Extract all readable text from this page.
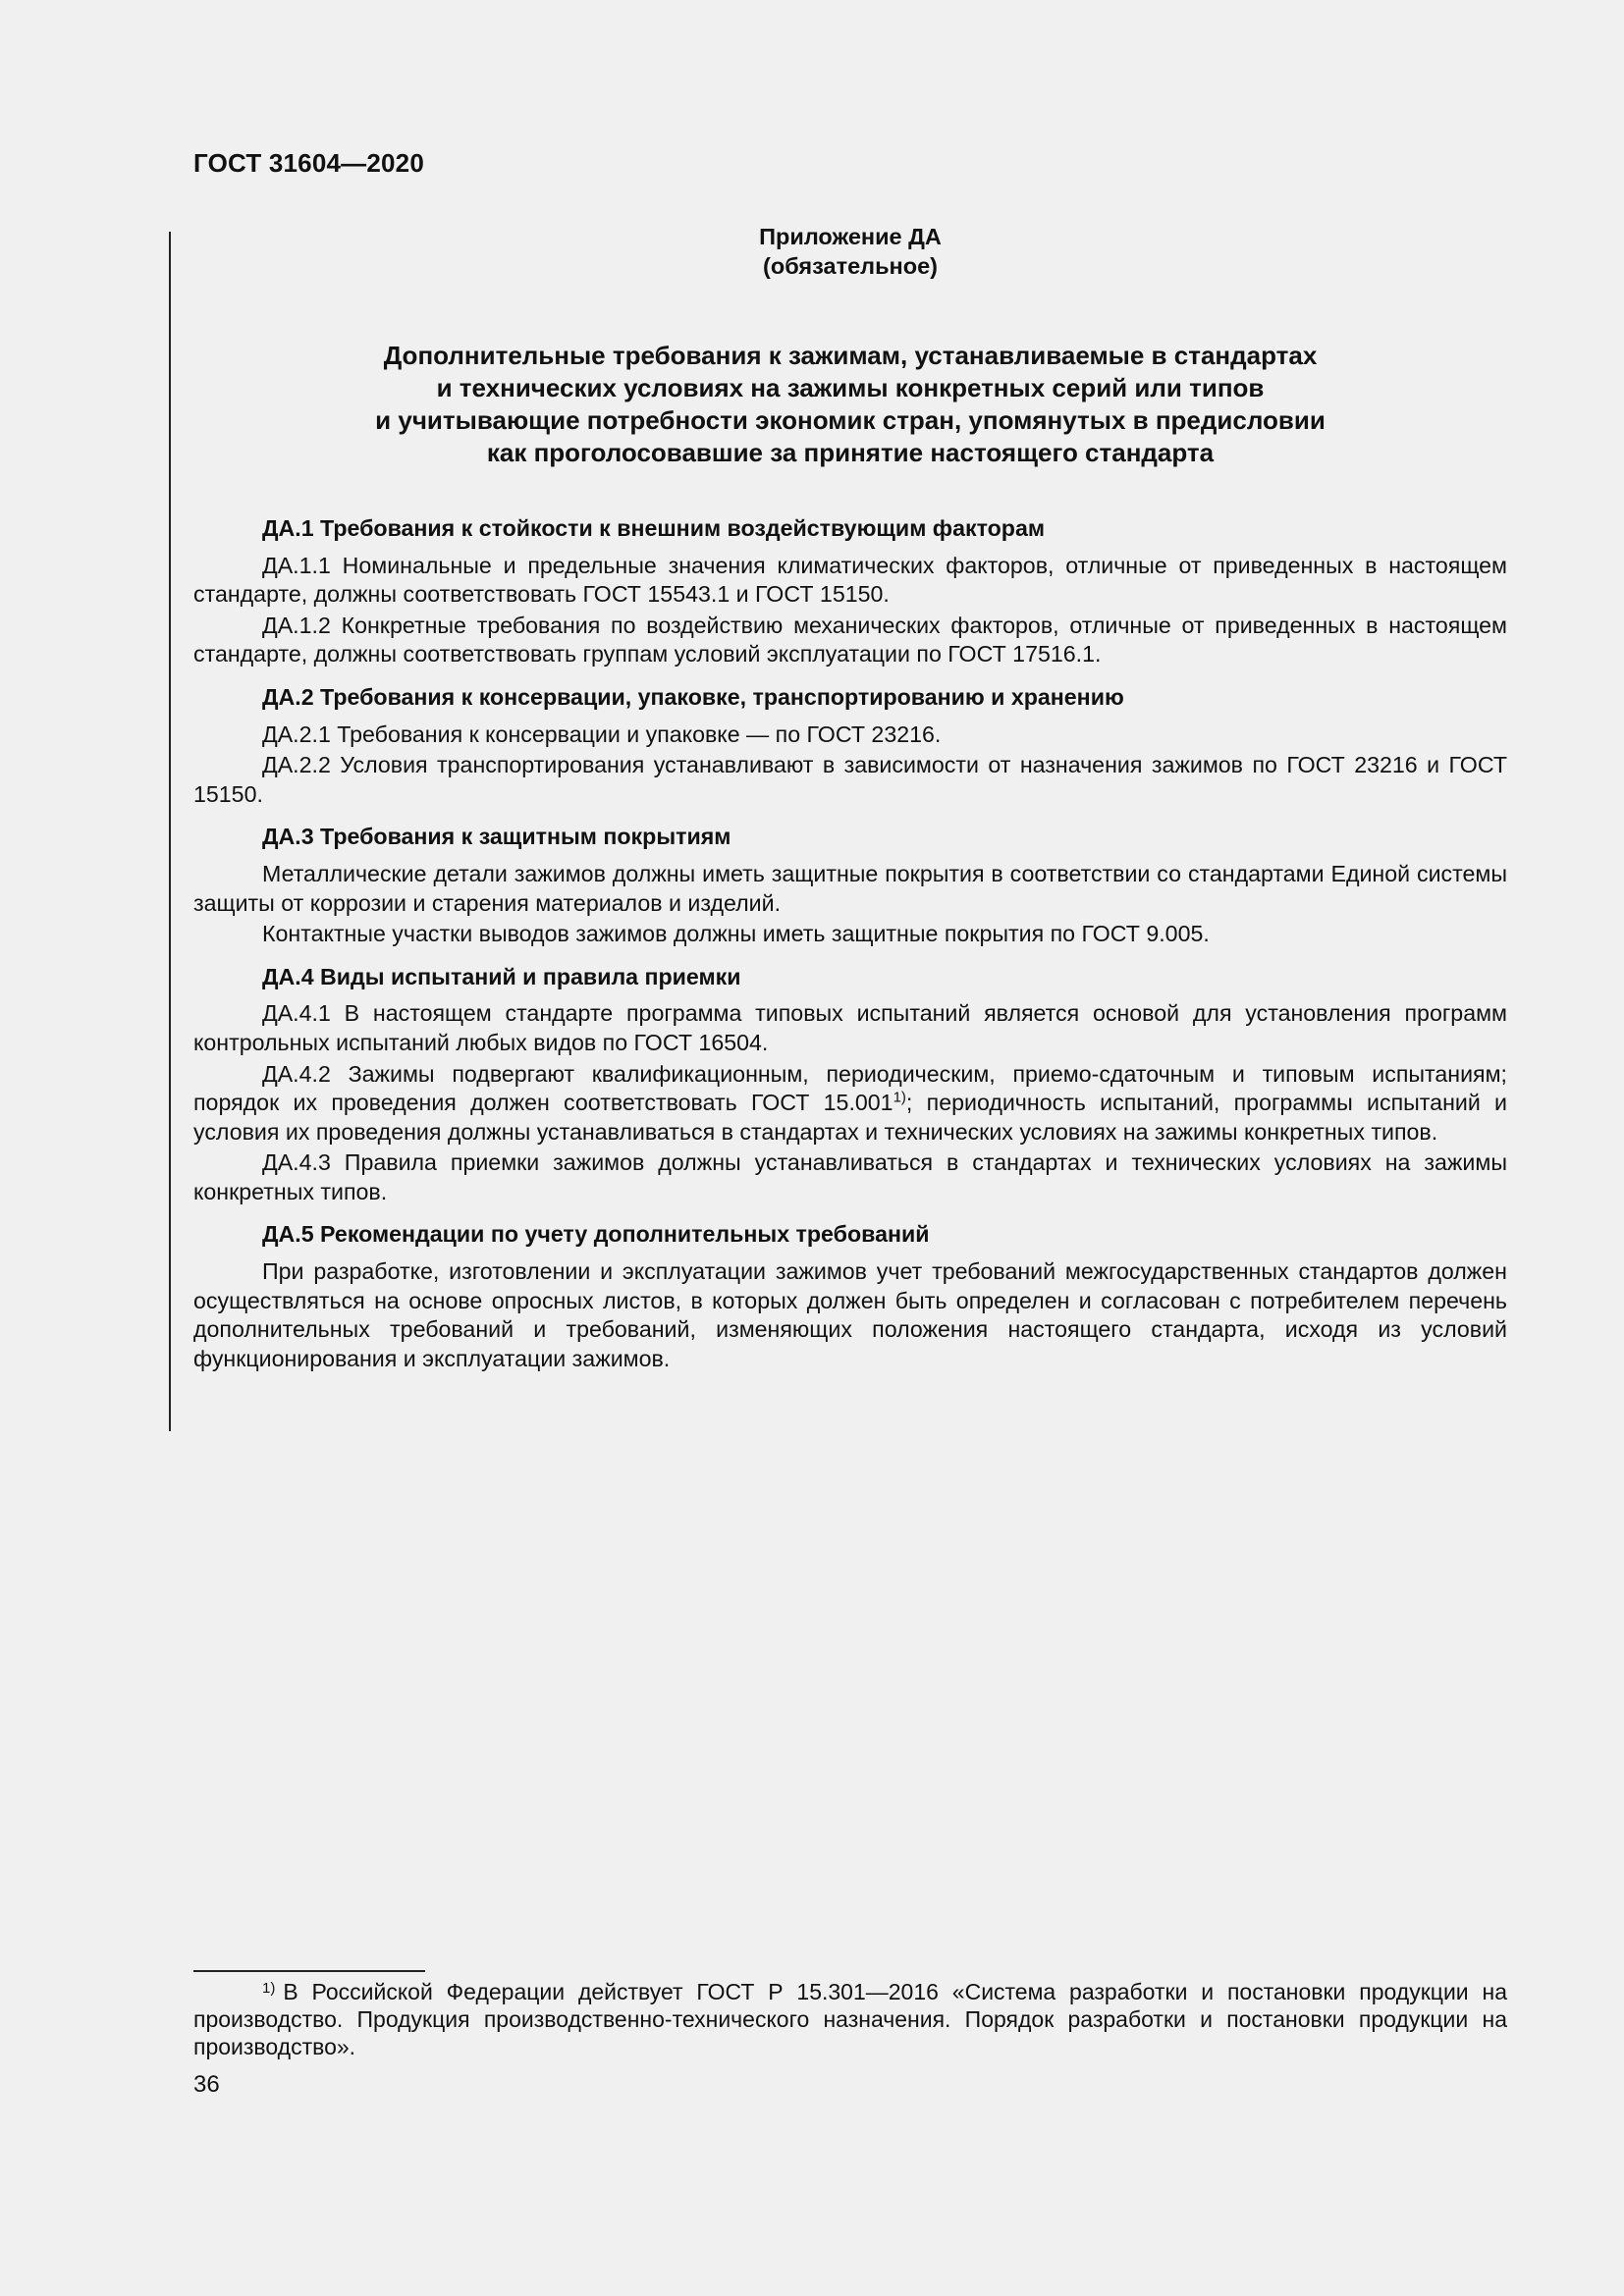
ГОСТ 31604—2020
Приложение ДА
(обязательное)
Дополнительные требования к зажимам, устанавливаемые в стандартах
и технических условиях на зажимы конкретных серий или типов
и учитывающие потребности экономик стран, упомянутых в предисловии
как проголосовавшие за принятие настоящего стандарта
ДА.1 Требования к стойкости к внешним воздействующим факторам
ДА.1.1 Номинальные и предельные значения климатических факторов, отличные от приведенных в настоящем стандарте, должны соответствовать ГОСТ 15543.1 и ГОСТ 15150.
ДА.1.2 Конкретные требования по воздействию механических факторов, отличные от приведенных в настоящем стандарте, должны соответствовать группам условий эксплуатации по ГОСТ 17516.1.
ДА.2 Требования к консервации, упаковке, транспортированию и хранению
ДА.2.1 Требования к консервации и упаковке — по ГОСТ 23216.
ДА.2.2 Условия транспортирования устанавливают в зависимости от назначения зажимов по ГОСТ 23216 и ГОСТ 15150.
ДА.3 Требования к защитным покрытиям
Металлические детали зажимов должны иметь защитные покрытия в соответствии со стандартами Единой системы защиты от коррозии и старения материалов и изделий.
Контактные участки выводов зажимов должны иметь защитные покрытия по ГОСТ 9.005.
ДА.4 Виды испытаний и правила приемки
ДА.4.1 В настоящем стандарте программа типовых испытаний является основой для установления программ контрольных испытаний любых видов по ГОСТ 16504.
ДА.4.2 Зажимы подвергают квалификационным, периодическим, приемо-сдаточным и типовым испытаниям; порядок их проведения должен соответствовать ГОСТ 15.001$^{1)}$; периодичность испытаний, программы испытаний и условия их проведения должны устанавливаться в стандартах и технических условиях на зажимы конкретных типов.
ДА.4.3 Правила приемки зажимов должны устанавливаться в стандартах и технических условиях на зажимы конкретных типов.
ДА.5 Рекомендации по учету дополнительных требований
При разработке, изготовлении и эксплуатации зажимов учет требований межгосударственных стандартов должен осуществляться на основе опросных листов, в которых должен быть определен и согласован с потребителем перечень дополнительных требований и требований, изменяющих положения настоящего стандарта, исходя из условий функционирования и эксплуатации зажимов.
$^{1)}$ В Российской Федерации действует ГОСТ Р 15.301—2016 «Система разработки и постановки продукции на производство. Продукция производственно-технического назначения. Порядок разработки и постановки продукции на производство».
36
